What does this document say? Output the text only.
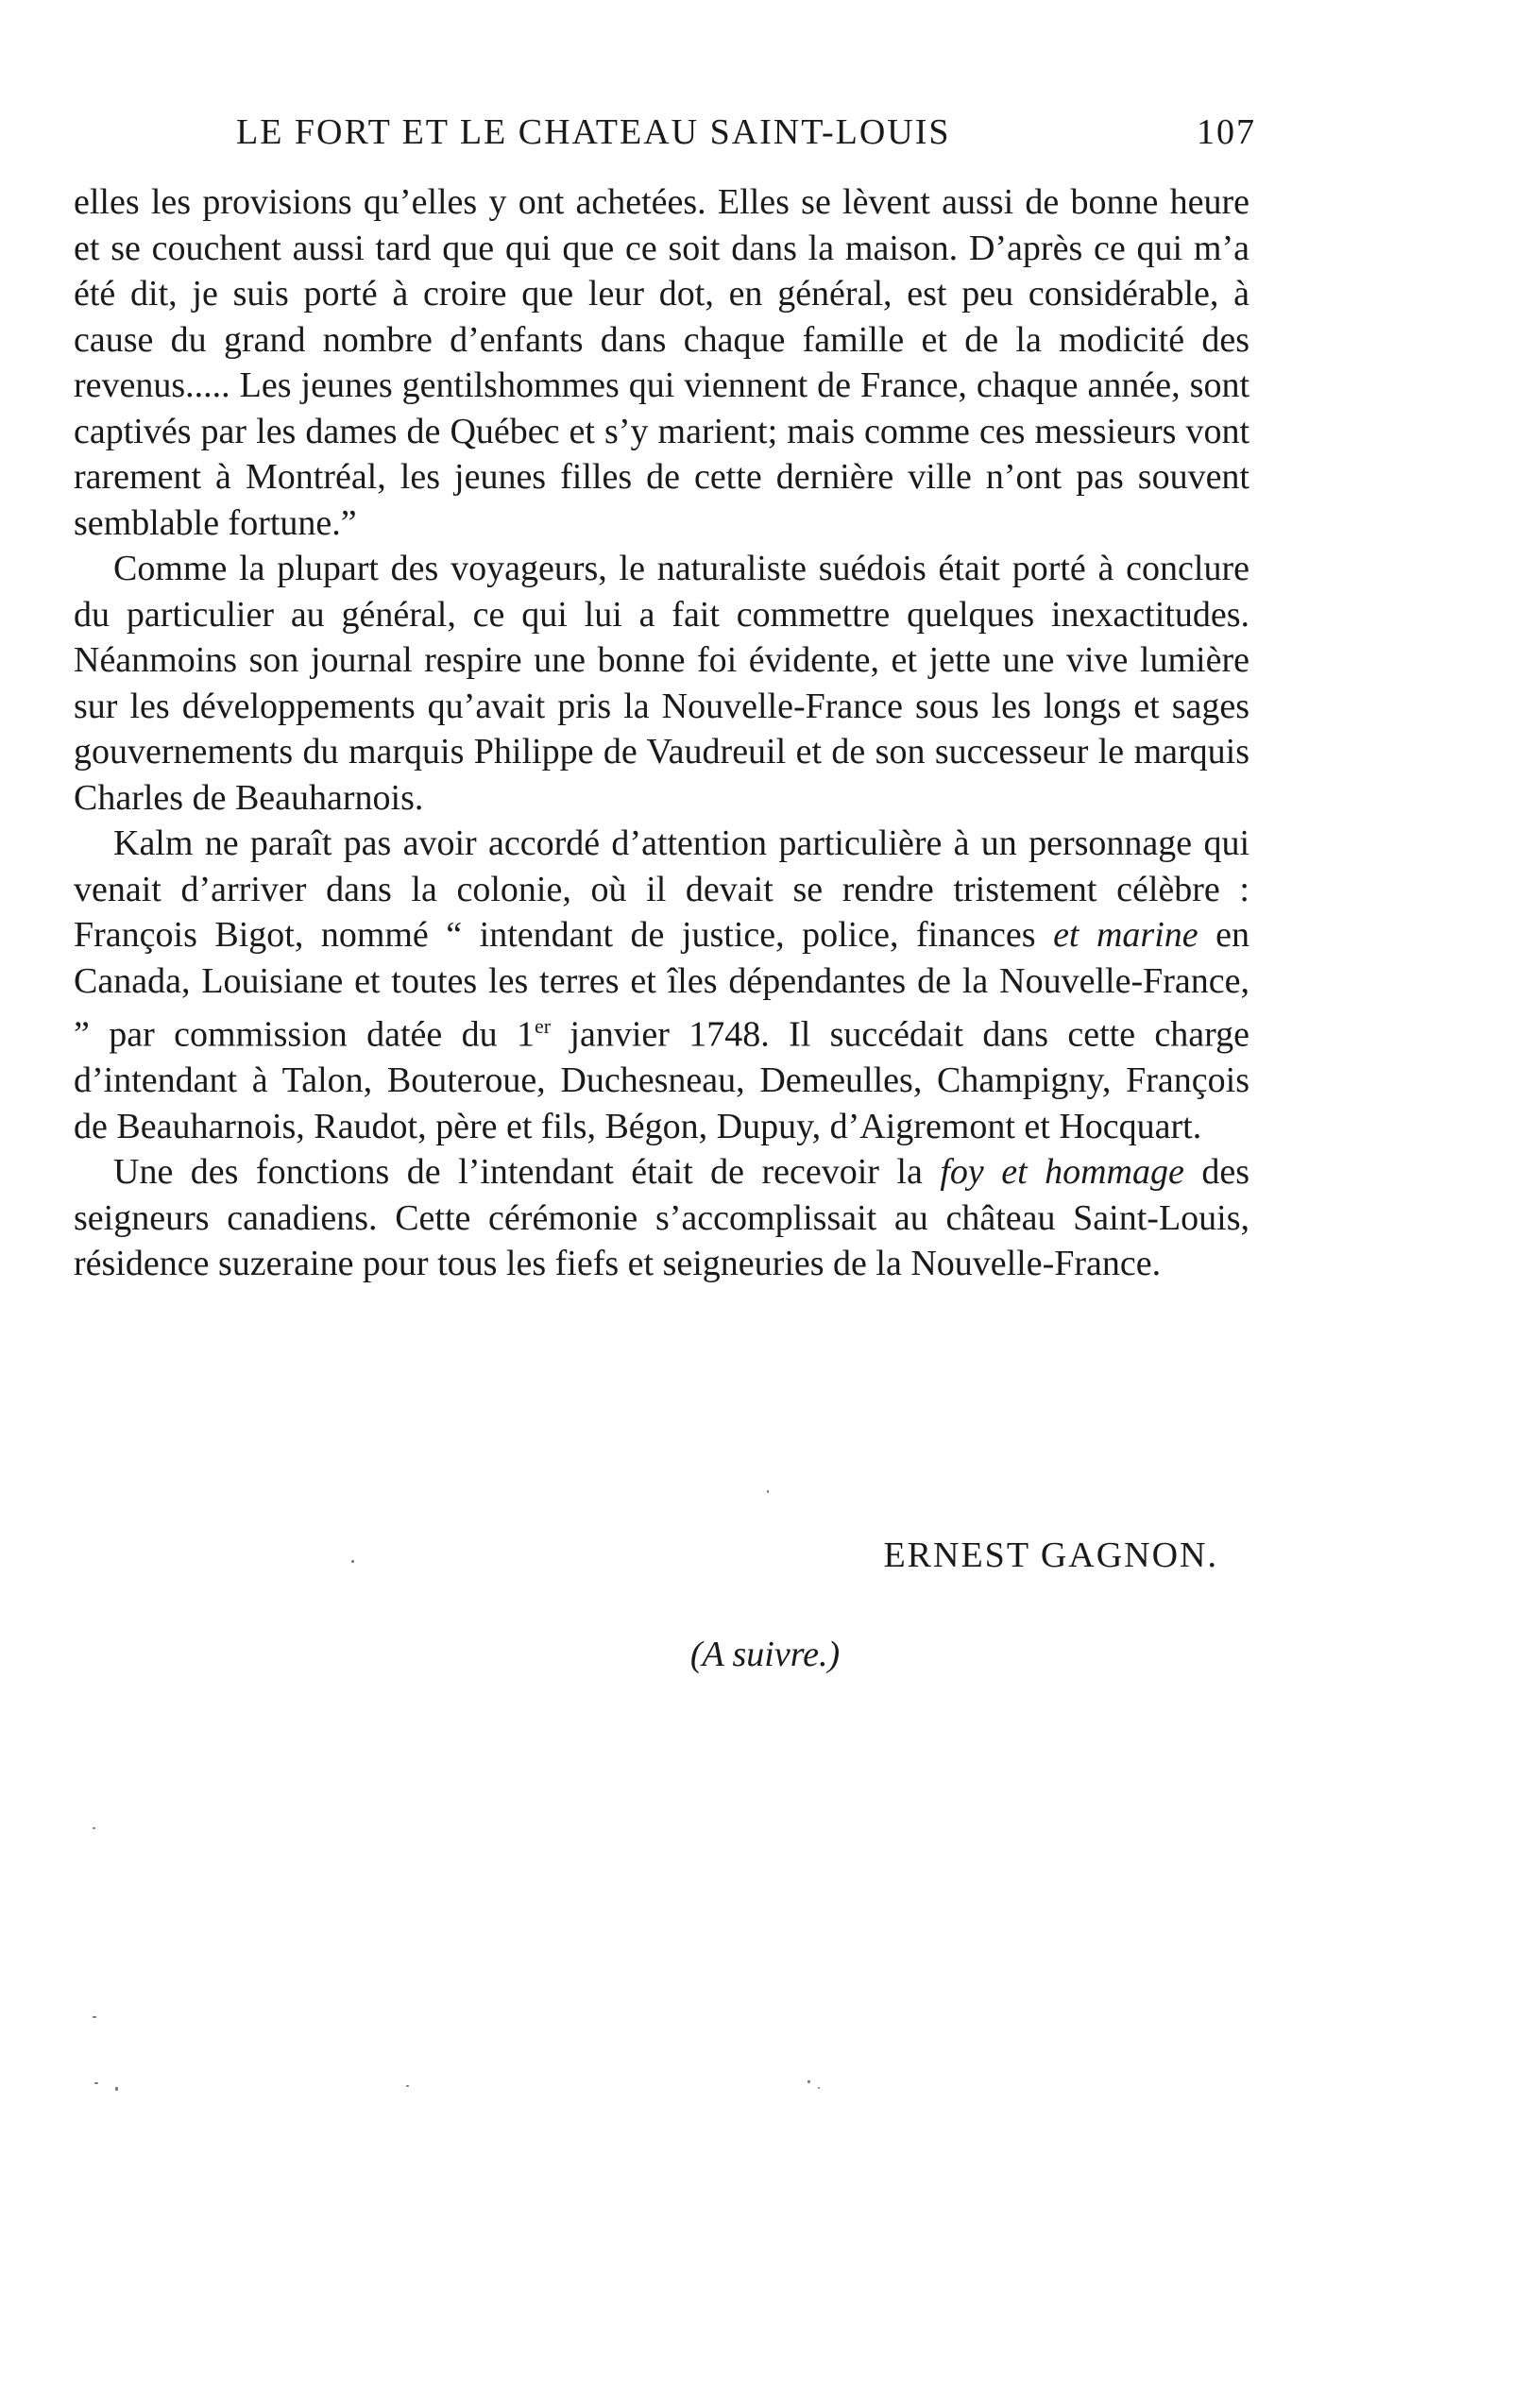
LE FORT ET LE CHATEAU SAINT-LOUIS	107

elles les provisions qu’elles y ont achetées. Elles se lèvent aussi de bonne heure et se couchent aussi tard que qui que ce soit dans la maison. D’après ce qui m’a été dit, je suis porté à croire que leur dot, en général, est peu considérable, à cause du grand nombre d’enfants dans chaque famille et de la modicité des revenus..... Les jeunes gentilshommes qui viennent de France, chaque année, sont captivés par les dames de Québec et s’y marient; mais comme ces messieurs vont rarement à Montréal, les jeunes filles de cette dernière ville n’ont pas souvent semblable fortune.”

Comme la plupart des voyageurs, le naturaliste suédois était porté à conclure du particulier au général, ce qui lui a fait commettre quelques inexactitudes. Néanmoins son journal respire une bonne foi évidente, et jette une vive lumière sur les développements qu’avait pris la Nouvelle-France sous les longs et sages gouvernements du marquis Philippe de Vaudreuil et de son successeur le marquis Charles de Beauharnois.

Kalm ne paraît pas avoir accordé d’attention particulière à un personnage qui venait d’arriver dans la colonie, où il devait se rendre tristement célèbre : François Bigot, nommé “ intendant de justice, police, finances et marine en Canada, Louisiane et toutes les terres et îles dépendantes de la Nouvelle-France, ” par commission datée du 1er janvier 1748. Il succédait dans cette charge d’intendant à Talon, Bouteroue, Duchesneau, Demeulles, Champigny, François de Beauharnois, Raudot, père et fils, Bégon, Dupuy, d’Aigremont et Hocquart.

Une des fonctions de l’intendant était de recevoir la foy et hommage des seigneurs canadiens. Cette cérémonie s’accomplissait au château Saint-Louis, résidence suzeraine pour tous les fiefs et seigneuries de la Nouvelle-France.

ERNEST GAGNON.
(A suivre.)
